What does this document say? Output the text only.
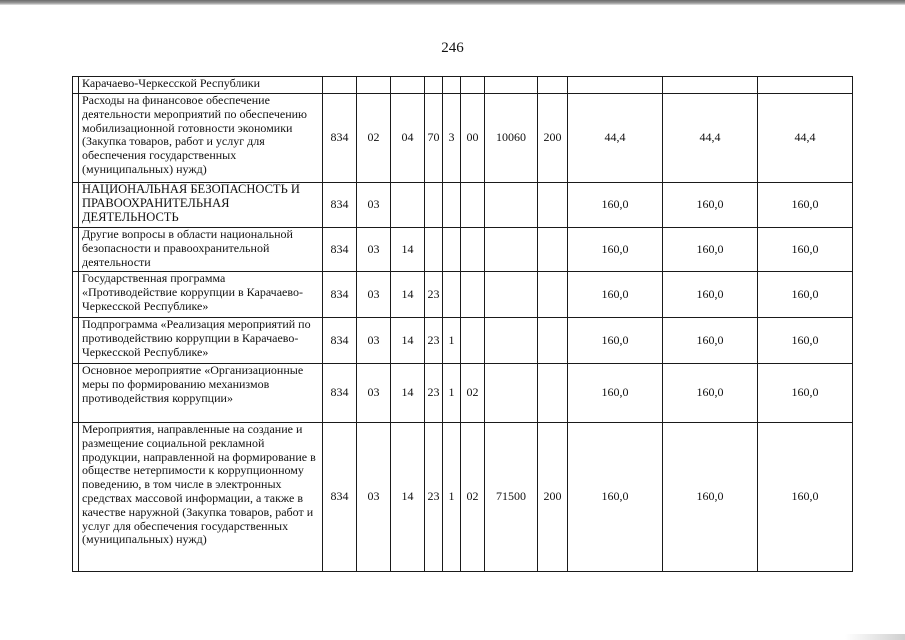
246
	Карачаево-Черкесской Республики											
	Расходы на финансовое обеспечение деятельности мероприятий по обеспечению мобилизационной готовности экономики (Закупка товаров, работ и услуг для обеспечения государственных (муниципальных) нужд)	834	02	04	70	3	00	10060	200	44,4	44,4	44,4
	НАЦИОНАЛЬНАЯ БЕЗОПАСНОСТЬ И ПРАВООХРАНИТЕЛЬНАЯ ДЕЯТЕЛЬНОСТЬ	834	03							160,0	160,0	160,0
	Другие вопросы в области национальной безопасности и правоохранительной деятельности	834	03	14						160,0	160,0	160,0
	Государственная программа «Противодействие коррупции в Карачаево-Черкесской Республике»	834	03	14	23					160,0	160,0	160,0
	Подпрограмма «Реализация мероприятий по противодействию коррупции в Карачаево-Черкесской Республике»	834	03	14	23	1				160,0	160,0	160,0
	Основное мероприятие «Организационные меры по формированию механизмов противодействия коррупции»	834	03	14	23	1	02			160,0	160,0	160,0
	Мероприятия, направленные на создание и размещение социальной рекламной продукции, направленной на формирование в обществе нетерпимости к коррупционному поведению, в том числе в электронных средствах массовой информации, а также в качестве наружной (Закупка товаров, работ и услуг для обеспечения государственных (муниципальных) нужд)	834	03	14	23	1	02	71500	200	160,0	160,0	160,0
